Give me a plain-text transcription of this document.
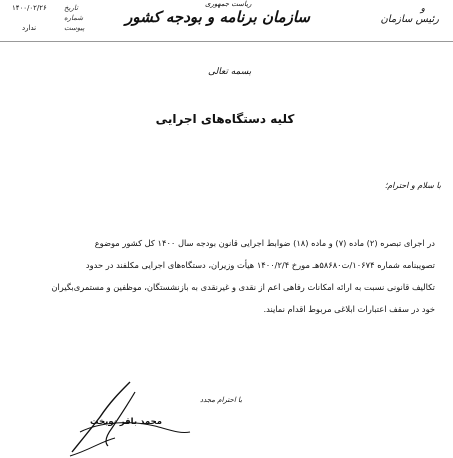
و
رئیس سازمان
ریاست جمهوری
سازمان برنامه و بودجه کشور
تاریخ
۱۴۰۰/۰۲/۲۶
شماره
پیوست
ندارد
بسمه تعالی
کلیه دستگاه‌های اجرایی
با سلام و احترام؛
در اجرای تبصره (۲) ماده (۷) و ماده (۱۸) ضوابط اجرایی قانون بودجه سال ۱۴۰۰ کل کشور موضوع
تصویبنامه شماره ۱۰۶۷۴/ت۵۸۶۸۰هـ مورخ ۱۴۰۰/۲/۴ هیأت وزیران، دستگاه‌های اجرایی مکلفند در حدود
تکالیف قانونی نسبت به ارائه امکانات رفاهی اعم از نقدی و غیرنقدی به بازنشستگان، موظفین و مستمری‌بگیران
خود در سقف اعتبارات ابلاغی مربوط اقدام نمایند.
با احترام مجدد
محمد باقر نوبخت
